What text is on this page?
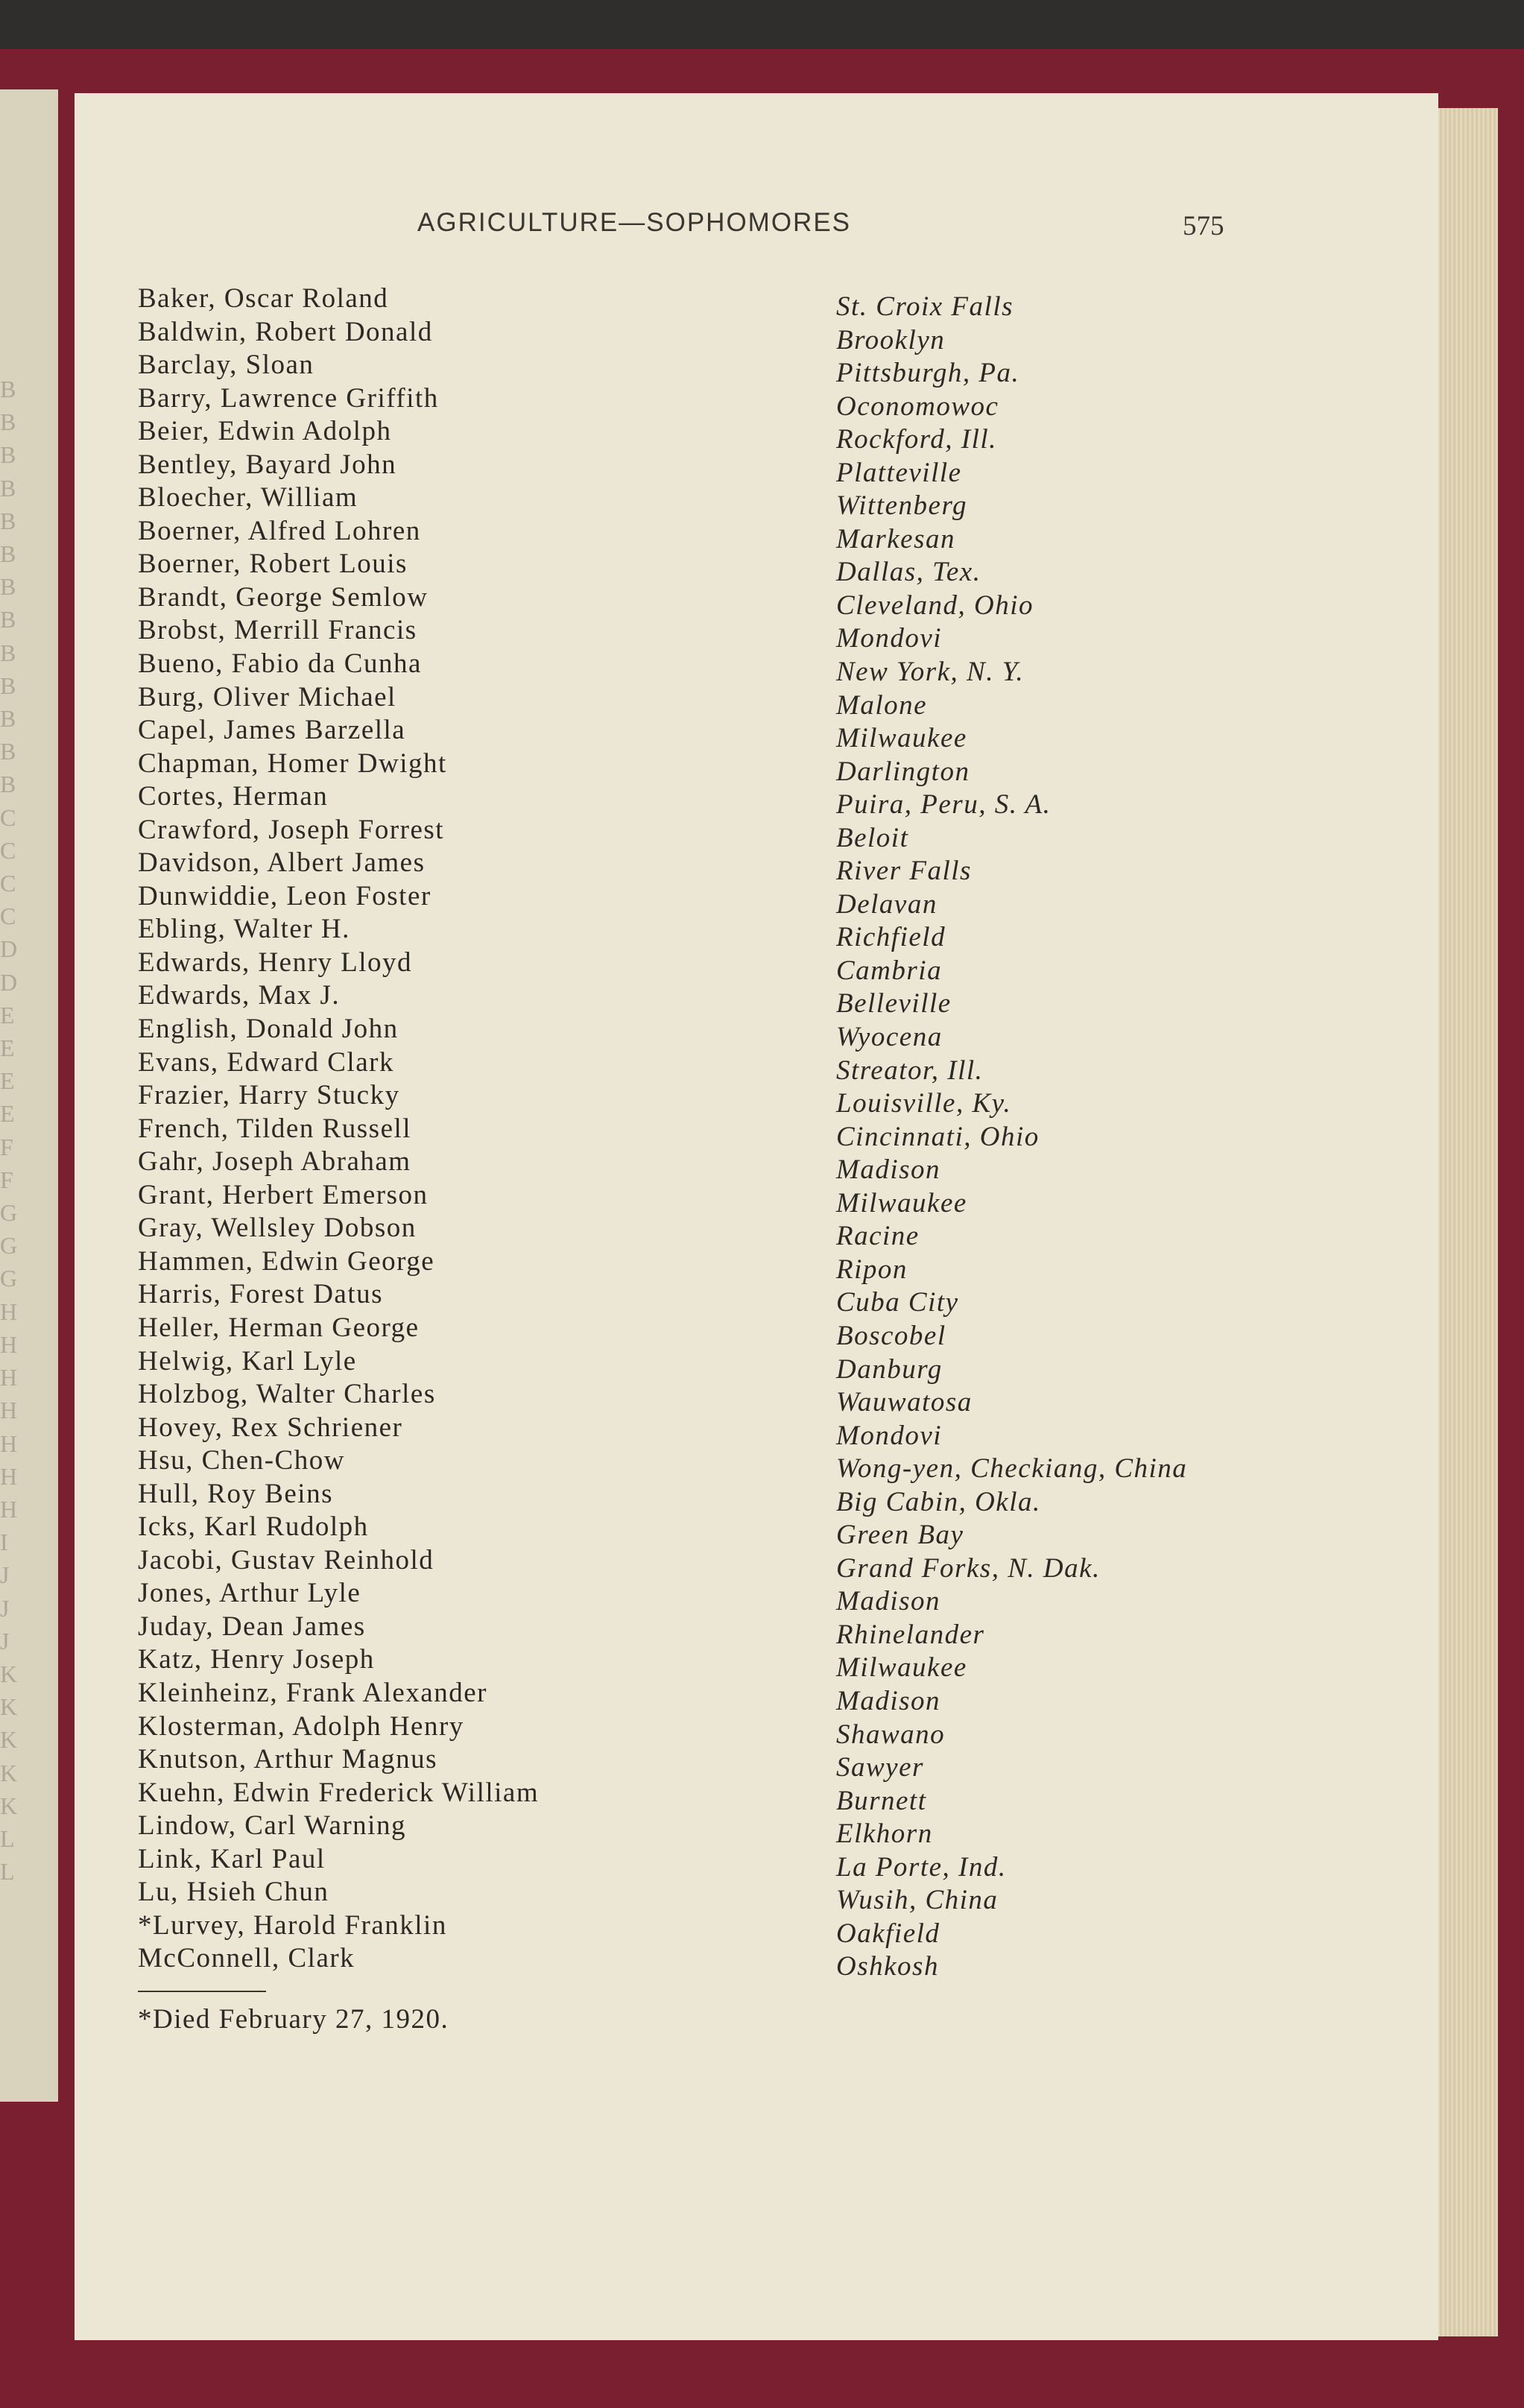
B
B
B
B
B
B
B
B
B
B
B
B
B
C
C
C
C
D
D
E
E
E
E
F
F
G
G
G
H
H
H
H
H
H
H
I
J
J
J
K
K
K
K
K
L
L
AGRICULTURE—SOPHOMORES	575
Baker, Oscar Roland
Baldwin, Robert Donald
Barclay, Sloan
Barry, Lawrence Griffith
Beier, Edwin Adolph
Bentley, Bayard John
Bloecher, William
Boerner, Alfred Lohren
Boerner, Robert Louis
Brandt, George Semlow
Brobst, Merrill Francis
Bueno, Fabio da Cunha
Burg, Oliver Michael
Capel, James Barzella
Chapman, Homer Dwight
Cortes, Herman
Crawford, Joseph Forrest
Davidson, Albert James
Dunwiddie, Leon Foster
Ebling, Walter H.
Edwards, Henry Lloyd
Edwards, Max J.
English, Donald John
Evans, Edward Clark
Frazier, Harry Stucky
French, Tilden Russell
Gahr, Joseph Abraham
Grant, Herbert Emerson
Gray, Wellsley Dobson
Hammen, Edwin George
Harris, Forest Datus
Heller, Herman George
Helwig, Karl Lyle
Holzbog, Walter Charles
Hovey, Rex Schriener
Hsu, Chen-Chow
Hull, Roy Beins
Icks, Karl Rudolph
Jacobi, Gustav Reinhold
Jones, Arthur Lyle
Juday, Dean James
Katz, Henry Joseph
Kleinheinz, Frank Alexander
Klosterman, Adolph Henry
Knutson, Arthur Magnus
Kuehn, Edwin Frederick William
Lindow, Carl Warning
Link, Karl Paul
Lu, Hsieh Chun
*Lurvey, Harold Franklin
McConnell, Clark
St. Croix Falls
Brooklyn
Pittsburgh, Pa.
Oconomowoc
Rockford, Ill.
Platteville
Wittenberg
Markesan
Dallas, Tex.
Cleveland, Ohio
Mondovi
New York, N. Y.
Malone
Milwaukee
Darlington
Puira, Peru, S. A.
Beloit
River Falls
Delavan
Richfield
Cambria
Belleville
Wyocena
Streator, Ill.
Louisville, Ky.
Cincinnati, Ohio
Madison
Milwaukee
Racine
Ripon
Cuba City
Boscobel
Danburg
Wauwatosa
Mondovi
Wong-yen, Checkiang, China
Big Cabin, Okla.
Green Bay
Grand Forks, N. Dak.
Madison
Rhinelander
Milwaukee
Madison
Shawano
Sawyer
Burnett
Elkhorn
La Porte, Ind.
Wusih, China
Oakfield
Oshkosh
*Died February 27, 1920.
